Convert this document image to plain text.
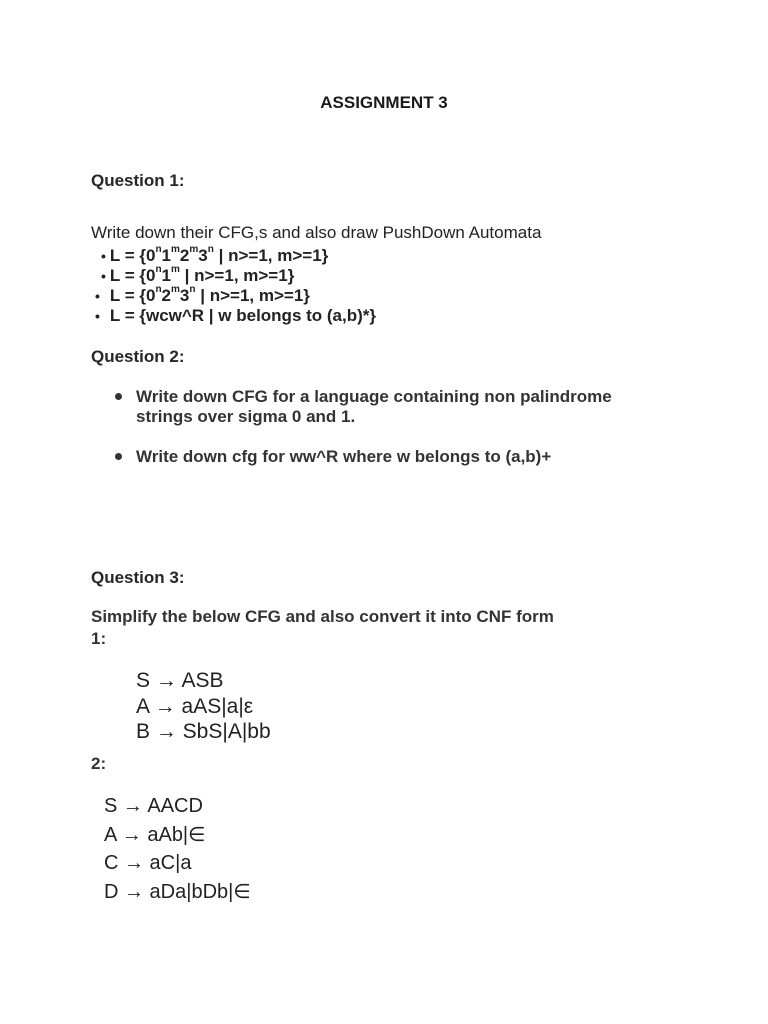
ASSIGNMENT 3
Question 1:
Write down their CFG,s and also draw PushDown Automata
• $L = \{0^n1^m2^m3^n$ | n>=1, m>=1}
• $L = \{0^n1^m$ | n>=1, m>=1}
• $L = \{0^n2^m3^n$ | n>=1, m>=1}
• L = {wcw^R | w belongs to (a,b)*}
Question 2:
Write down CFG for a language containing non palindrome
strings over sigma 0 and 1.
Write down cfg for ww^R where w belongs to (a,b)+
Question 3:
Simplify the below CFG and also convert it into CNF form
1:
S → ASB
A → aAS|a|ε
B → SbS|A|bb
2:
S → AACD
A → aAb|∈
C → aC|a
D → aDa|bDb|∈
